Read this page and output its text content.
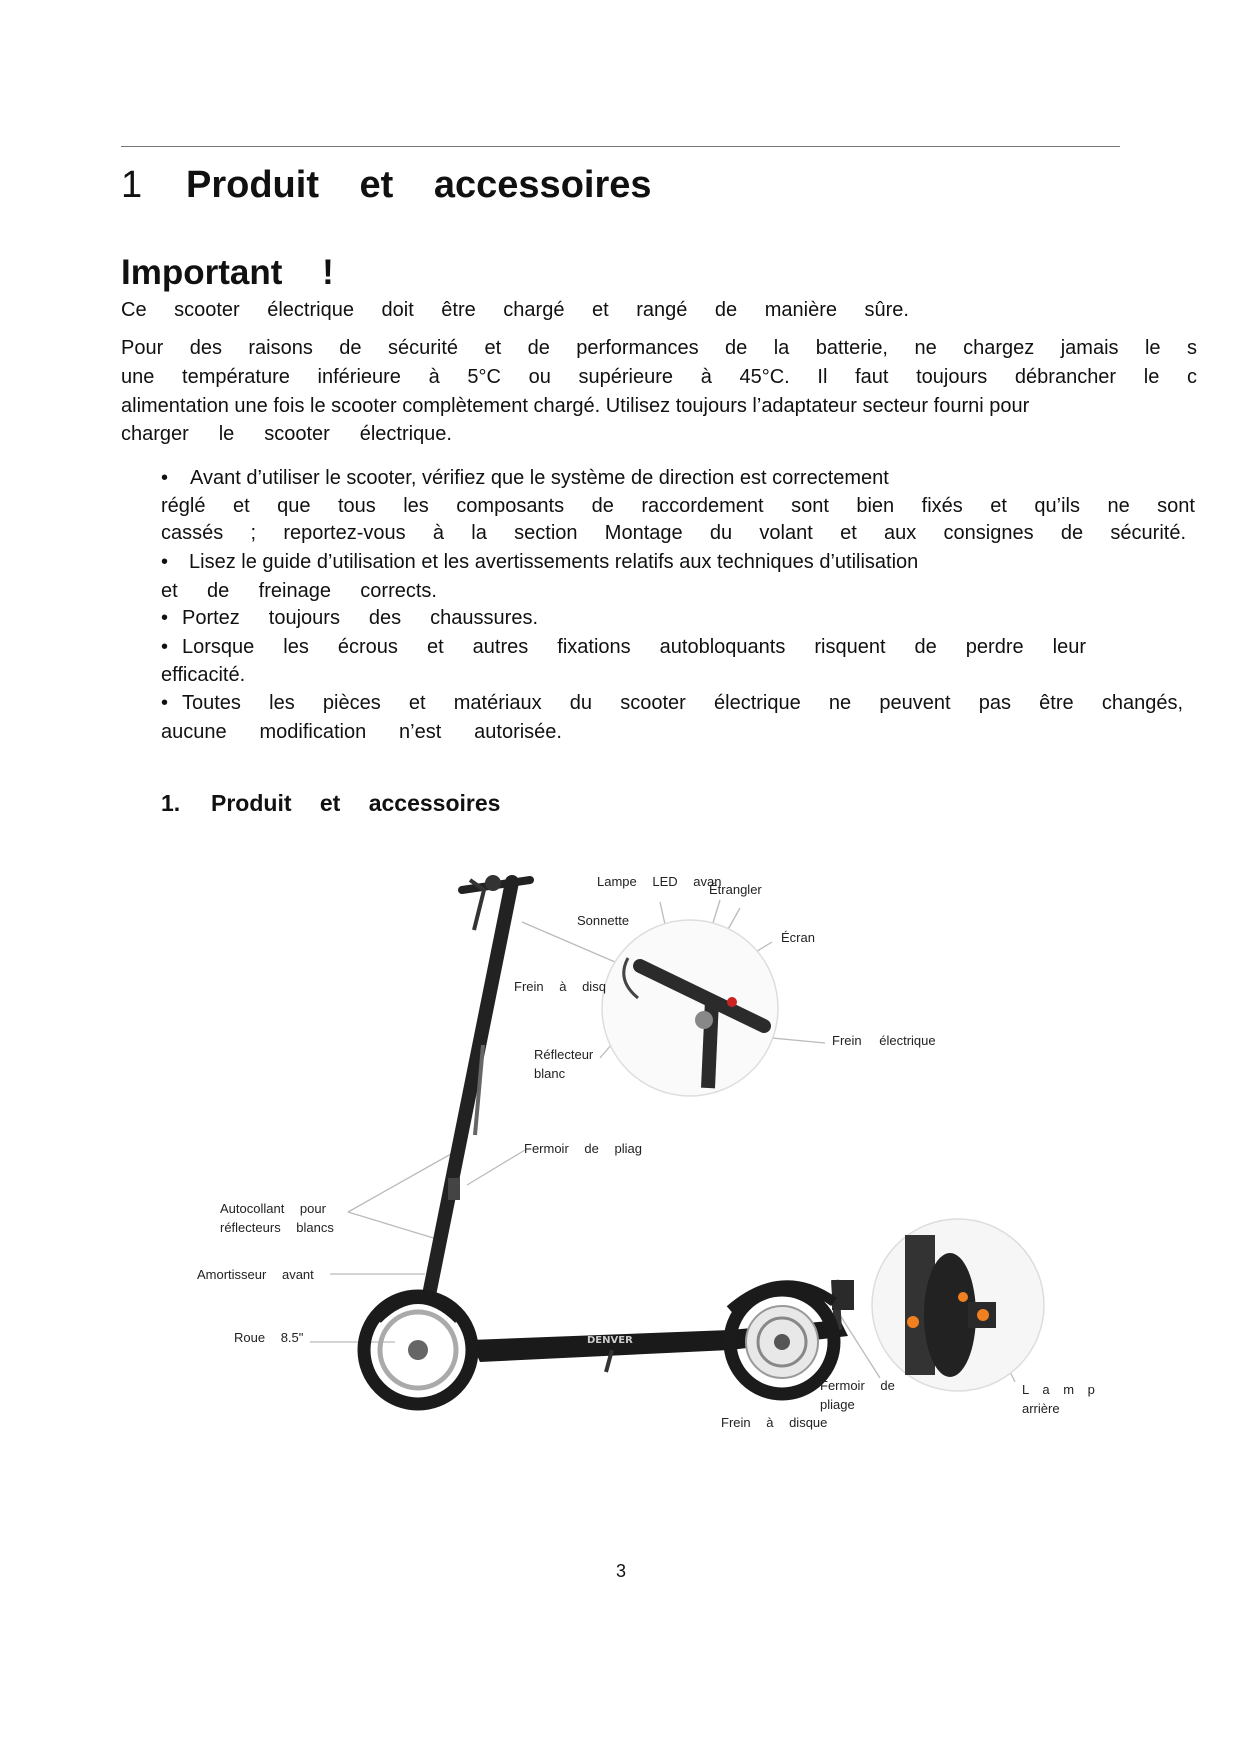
1 Produit et accessoires
Important !
Ce scooter électrique doit être chargé et rangé de manière sûre.
Pour des raisons de sécurité et de performances de la batterie, ne chargez jamais le s
une température inférieure à 5°C ou supérieure à 45°C. Il faut toujours débrancher le c
alimentation une fois le scooter complètement chargé. Utilisez toujours l’adaptateur secteur fourni pour
charger le scooter électrique.
• Avant d’utiliser le scooter, vérifiez que le système de direction est correctement
réglé et que tous les composants de raccordement sont bien fixés et qu’ils ne sont
cassés ; reportez-vous à la section Montage du volant et aux consignes de sécurité.
• Lisez le guide d’utilisation et les avertissements relatifs aux techniques d’utilisation
et de freinage corrects.
• Portez toujours des chaussures.
• Lorsque les écrous et autres fixations autobloquants risquent de perdre leur
efficacité.
• Toutes les pièces et matériaux du scooter électrique ne peuvent pas être changés,
aucune modification n’est autorisée.
1. Produit et accessoires
DENVER
Lampe LED avan
Étrangler
Sonnette
Écran
Frein à disq
Frein électrique
Réflecteur
blanc
Fermoir de pliag
Autocollant pour
réflecteurs blancs
Amortisseur avant
Roue 8.5"
Fermoir de
pliage
Frein à disque
L a m p
arrière
3
